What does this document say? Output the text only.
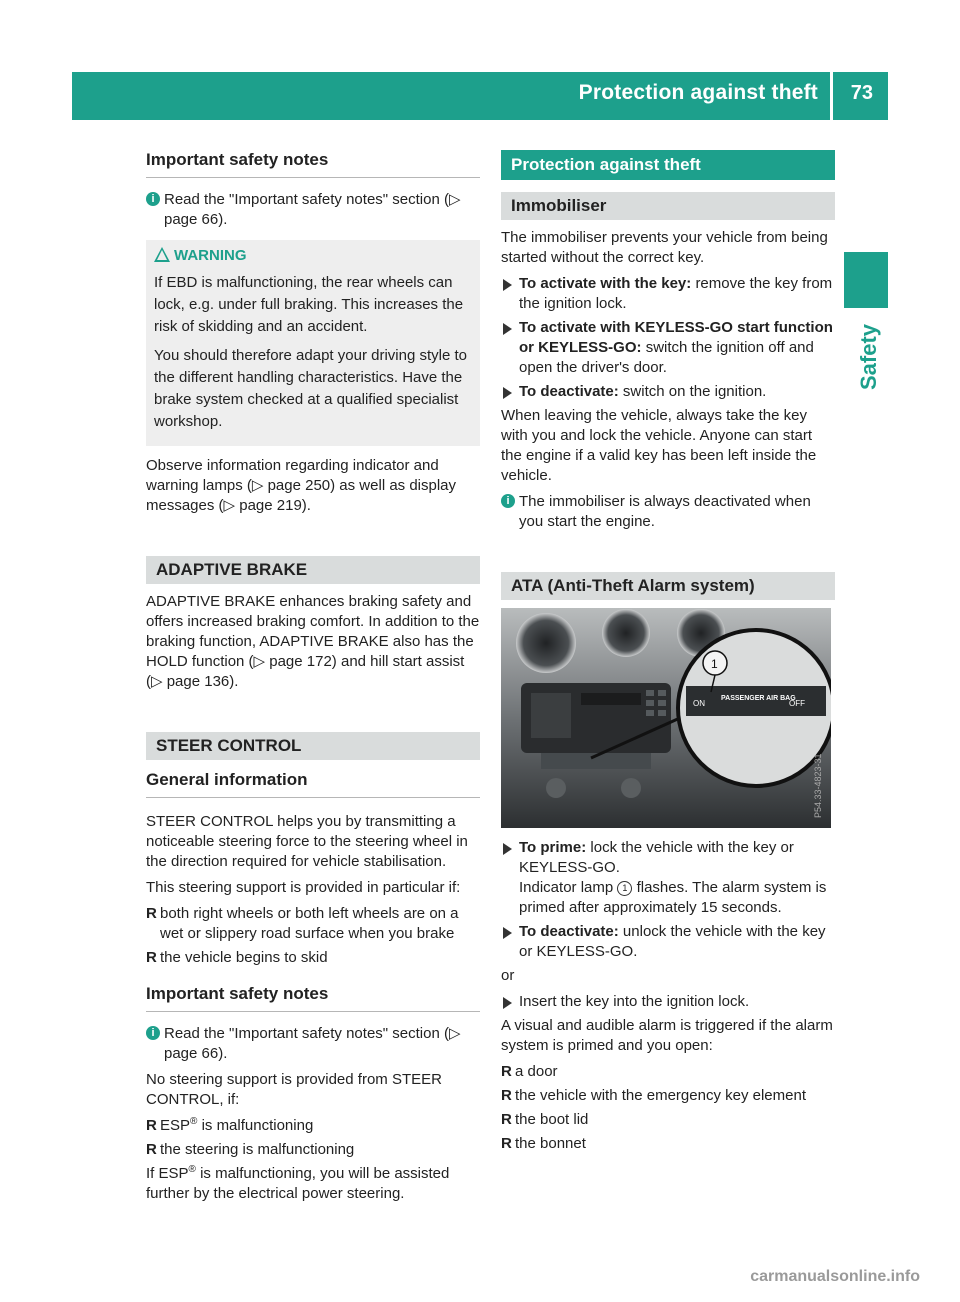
Protection against theft 73
Safety
Important safety notes
i Read the "Important safety notes" section (▷ page 66).
WARNING

If EBD is malfunctioning, the rear wheels can lock, e.g. under full braking. This increases the risk of skidding and an accident.

You should therefore adapt your driving style to the different handling characteristics. Have the brake system checked at a qualified specialist workshop.

Observe information regarding indicator and warning lamps (▷ page 250) as well as display messages (▷ page 219).

ADAPTIVE BRAKE

ADAPTIVE BRAKE enhances braking safety and offers increased braking comfort. In addition to the braking function, ADAPTIVE BRAKE also has the HOLD function (▷ page 172) and hill start assist (▷ page 136).

STEER CONTROL
General information

STEER CONTROL helps you by transmitting a noticeable steering force to the steering wheel in the direction required for vehicle stabilisation.

This steering support is provided in particular if:

R both right wheels or both left wheels are on a wet or slippery road surface when you brake
R the vehicle begins to skid
Important safety notes
i Read the "Important safety notes" section (▷ page 66).

No steering support is provided from STEER CONTROL, if:

R ESP® is malfunctioning
R the steering is malfunctioning

If ESP® is malfunctioning, you will be assisted further by the electrical power steering.

Protection against theft
Immobiliser

The immobiliser prevents your vehicle from being started without the correct key.

To activate with the key: remove the key from the ignition lock.
To activate with KEYLESS-GO start function or KEYLESS-GO: switch the ignition off and open the driver's door.
To deactivate: switch on the ignition.

When leaving the vehicle, always take the key with you and lock the vehicle. Anyone can start the engine if a valid key has been left inside the vehicle.

i The immobiliser is always deactivated when you start the engine.
ATA (Anti-Theft Alarm system)
ON
PASSENGER AIR BAG
OFF
1
P54.33-4823-31
To prime: lock the vehicle with the key or KEYLESS-GO.
Indicator lamp 1 flashes. The alarm system is primed after approximately 15 seconds.
To deactivate: unlock the vehicle with the key or KEYLESS-GO.

or

Insert the key into the ignition lock.

A visual and audible alarm is triggered if the alarm system is primed and you open:

R a door
R the vehicle with the emergency key element
R the boot lid
R the bonnet
carmanualsonline.info
